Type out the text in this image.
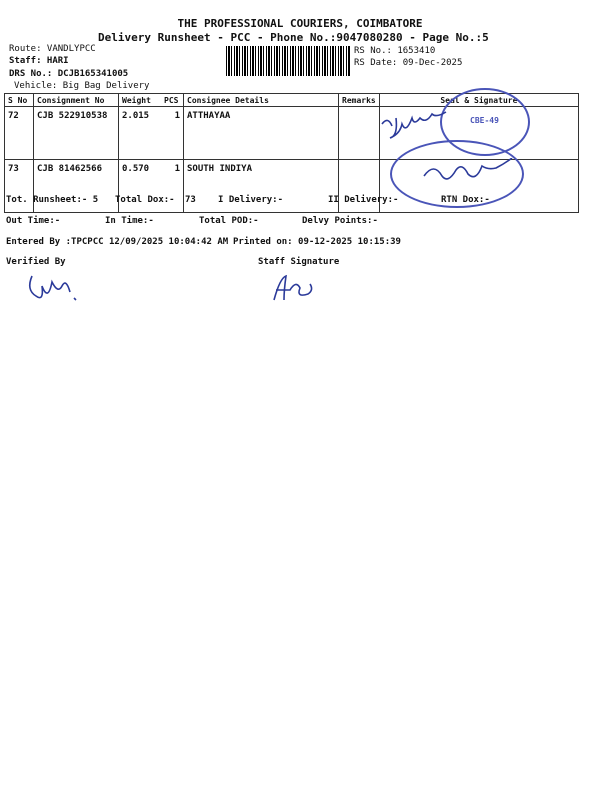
THE PROFESSIONAL COURIERS, COIMBATORE
Delivery Runsheet - PCC - Phone No.:9047080280 - Page No.:5
Route: VANDLYPCC
Staff: HARI
DRS No.: DCJB165341005
Vehicle: Big Bag Delivery
RS No.: 1653410
RS Date: 09-Dec-2025
S No	Consignment No	Weight	PCS	Consignee Details	Remarks	Seal & Signature
72	CJB 522910538	2.015	1	ATTHAYAA		
73	CJB 81462566	0.570	1	SOUTH INDIYA		
CBE-49
Tot. Runsheet:- 5 Total Dox:- 73 I Delivery:-	II Delivery:-	RTN Dox:-
Out Time:-	In Time:-	Total POD:-	Delvy Points:-
Entered By :TPCPCC 12/09/2025 10:04:42 AM Printed on: 09-12-2025 10:15:39
Verified By	Staff Signature
